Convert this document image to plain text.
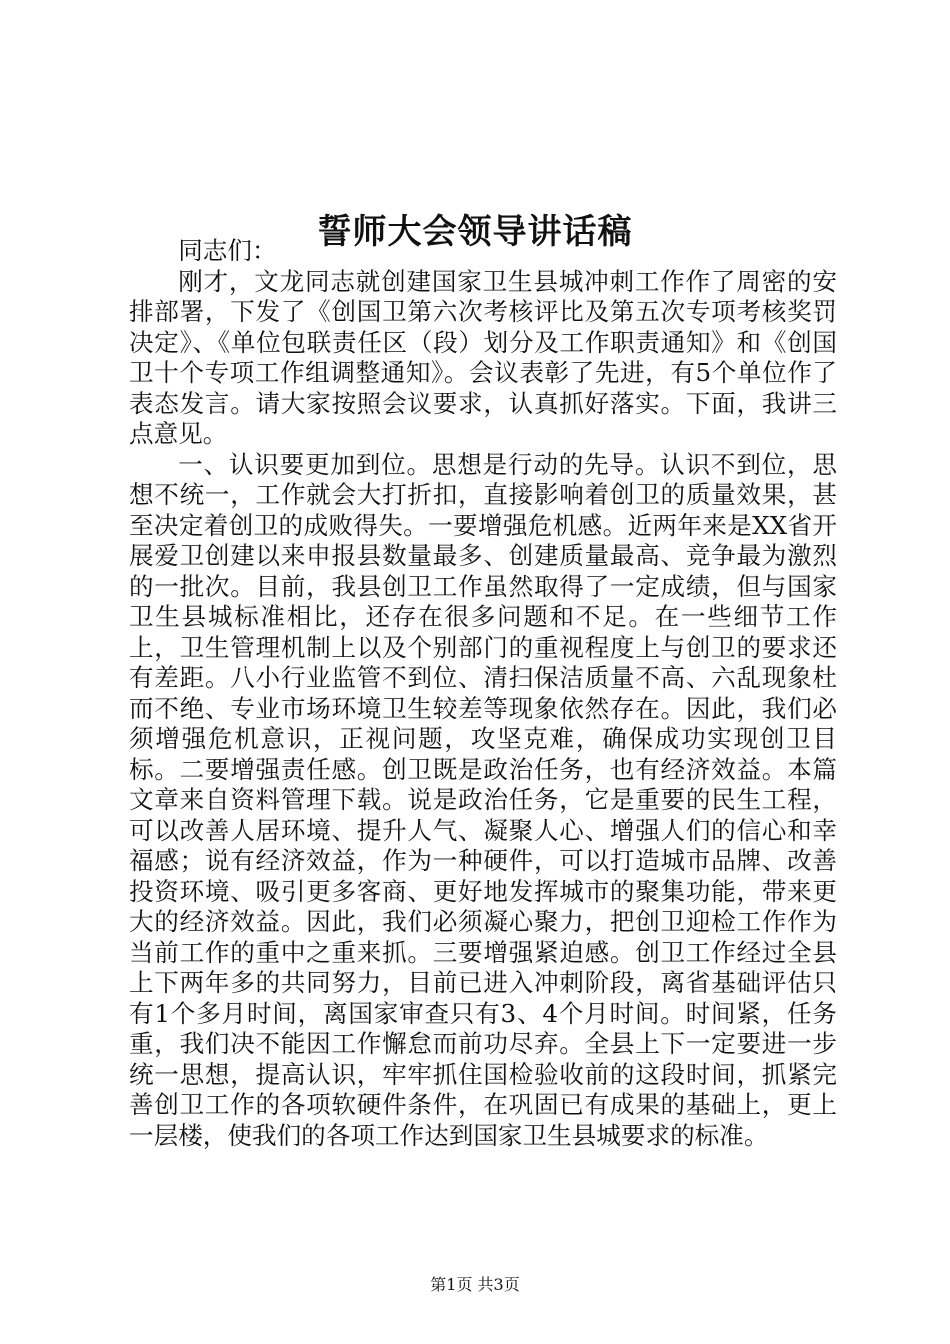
誓师大会领导讲话稿

同志们：

刚才，文龙同志就创建国家卫生县城冲刺工作作了周密的安排部署，下发了《创国卫第六次考核评比及第五次专项考核奖罚决定》、《单位包联责任区（段）划分及工作职责通知》和《创国卫十个专项工作组调整通知》。会议表彰了先进，有5个单位作了表态发言。请大家按照会议要求，认真抓好落实。下面，我讲三点意见。

一、认识要更加到位。思想是行动的先导。认识不到位，思想不统一，工作就会大打折扣，直接影响着创卫的质量效果，甚至决定着创卫的成败得失。一要增强危机感。近两年来是XX省开展爱卫创建以来申报县数量最多、创建质量最高、竞争最为激烈的一批次。目前，我县创卫工作虽然取得了一定成绩，但与国家卫生县城标准相比，还存在很多问题和不足。在一些细节工作上，卫生管理机制上以及个别部门的重视程度上与创卫的要求还有差距。八小行业监管不到位、清扫保洁质量不高、六乱现象杜而不绝、专业市场环境卫生较差等现象依然存在。因此，我们必须增强危机意识，正视问题，攻坚克难，确保成功实现创卫目标。二要增强责任感。创卫既是政治任务，也有经济效益。本篇文章来自资料管理下载。说是政治任务，它是重要的民生工程，可以改善人居环境、提升人气、凝聚人心、增强人们的信心和幸福感；说有经济效益，作为一种硬件，可以打造城市品牌、改善投资环境、吸引更多客商、更好地发挥城市的聚集功能，带来更大的经济效益。因此，我们必须凝心聚力，把创卫迎检工作作为当前工作的重中之重来抓。三要增强紧迫感。创卫工作经过全县上下两年多的共同努力，目前已进入冲刺阶段，离省基础评估只有1个多月时间，离国家审查只有3、4个月时间。时间紧，任务重，我们决不能因工作懈怠而前功尽弃。全县上下一定要进一步统一思想，提高认识，牢牢抓住国检验收前的这段时间，抓紧完善创卫工作的各项软硬件条件，在巩固已有成果的基础上，更上一层楼，使我们的各项工作达到国家卫生县城要求的标准。

第1页 共3页
